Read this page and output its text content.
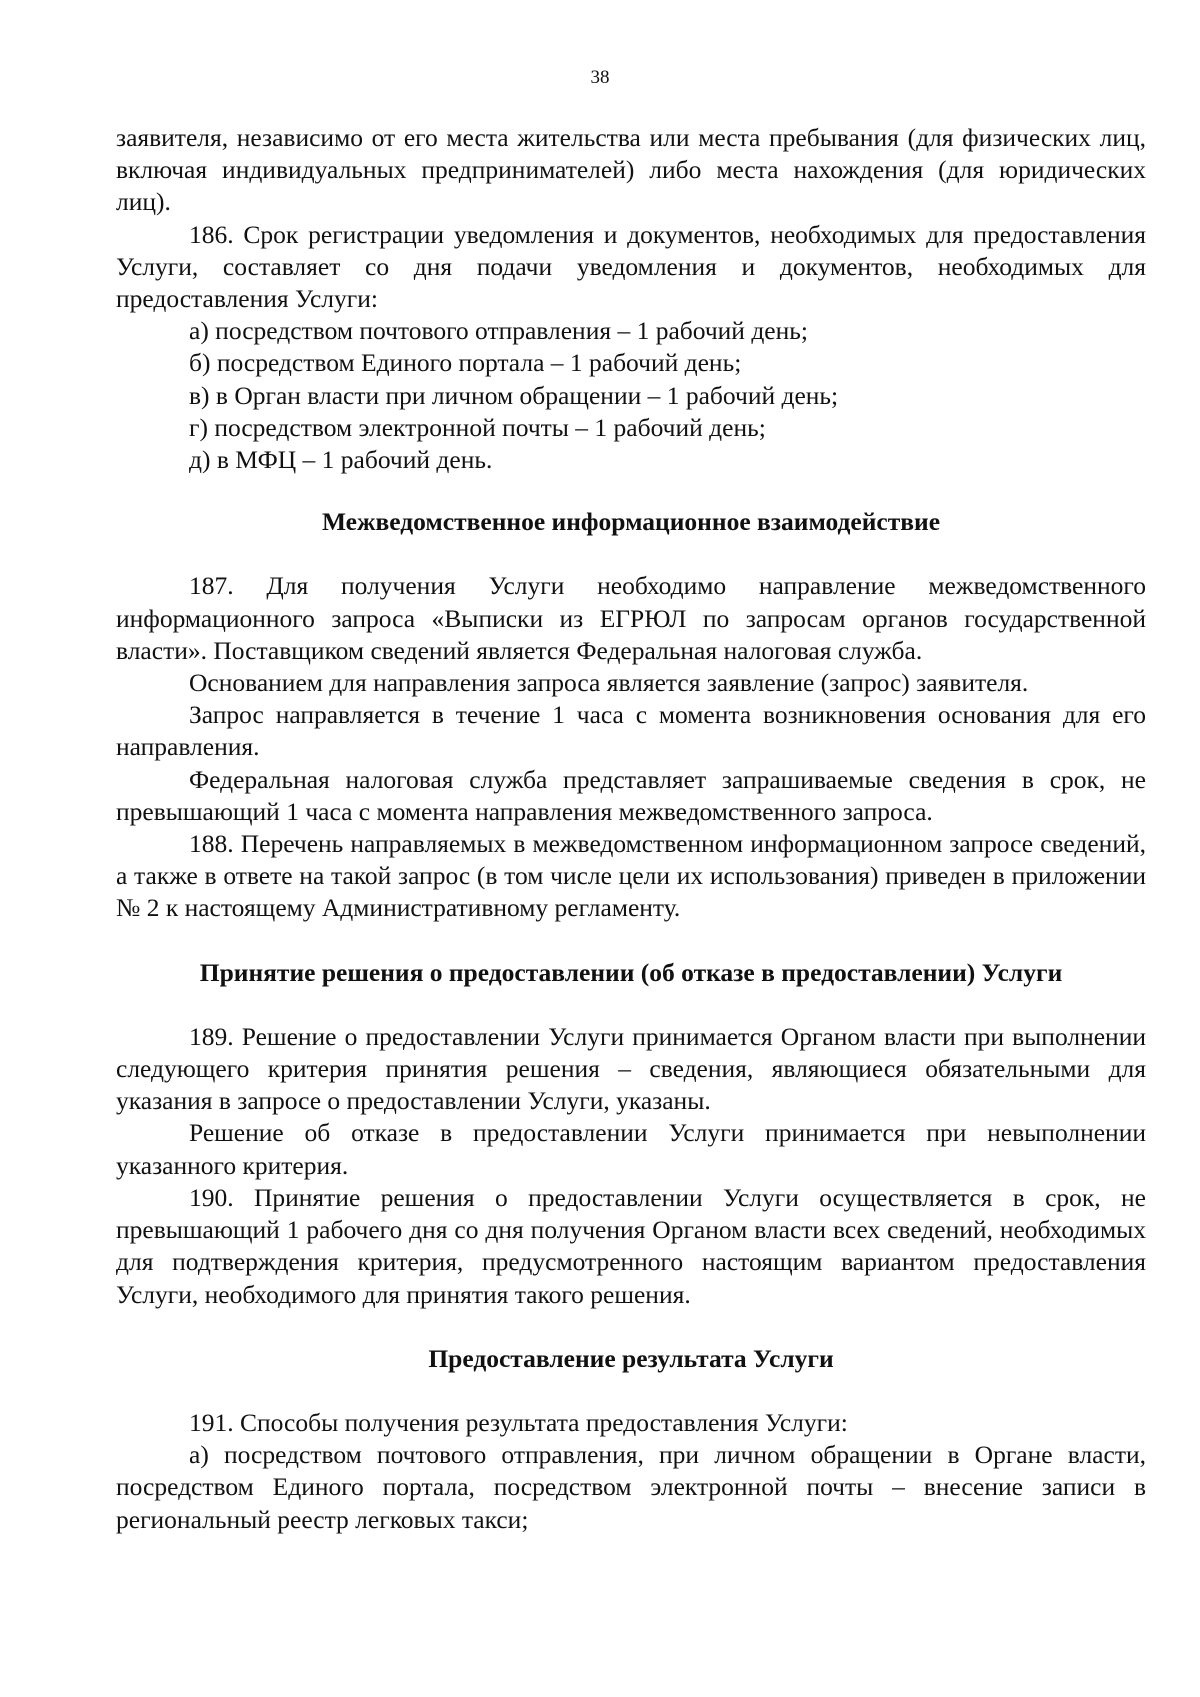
38

заявителя, независимо от его места жительства или места пребывания (для физических лиц, включая индивидуальных предпринимателей) либо места нахождения (для юридических лиц).

186. Срок регистрации уведомления и документов, необходимых для предоставления Услуги, составляет со дня подачи уведомления и документов, необходимых для предоставления Услуги:

а) посредством почтового отправления – 1 рабочий день;

б) посредством Единого портала – 1 рабочий день;

в) в Орган власти при личном обращении – 1 рабочий день;

г) посредством электронной почты – 1 рабочий день;

д) в МФЦ – 1 рабочий день.

Межведомственное информационное взаимодействие

187. Для получения Услуги необходимо направление межведомственного информационного запроса «Выписки из ЕГРЮЛ по запросам органов государственной власти». Поставщиком сведений является Федеральная налоговая служба.

Основанием для направления запроса является заявление (запрос) заявителя.

Запрос направляется в течение 1 часа с момента возникновения основания для его направления.

Федеральная налоговая служба представляет запрашиваемые сведения в срок, не превышающий 1 часа с момента направления межведомственного запроса.

188. Перечень направляемых в межведомственном информационном запросе сведений, а также в ответе на такой запрос (в том числе цели их использования) приведен в приложении № 2 к настоящему Административному регламенту.

Принятие решения о предоставлении (об отказе в предоставлении) Услуги

189. Решение о предоставлении Услуги принимается Органом власти при выполнении следующего критерия принятия решения – сведения, являющиеся обязательными для указания в запросе о предоставлении Услуги, указаны.

Решение об отказе в предоставлении Услуги принимается при невыполнении указанного критерия.

190. Принятие решения о предоставлении Услуги осуществляется в срок, не превышающий 1 рабочего дня со дня получения Органом власти всех сведений, необходимых для подтверждения критерия, предусмотренного настоящим вариантом предоставления Услуги, необходимого для принятия такого решения.

Предоставление результата Услуги

191. Способы получения результата предоставления Услуги:

а) посредством почтового отправления, при личном обращении в Органе власти, посредством Единого портала, посредством электронной почты – внесение записи в региональный реестр легковых такси;
